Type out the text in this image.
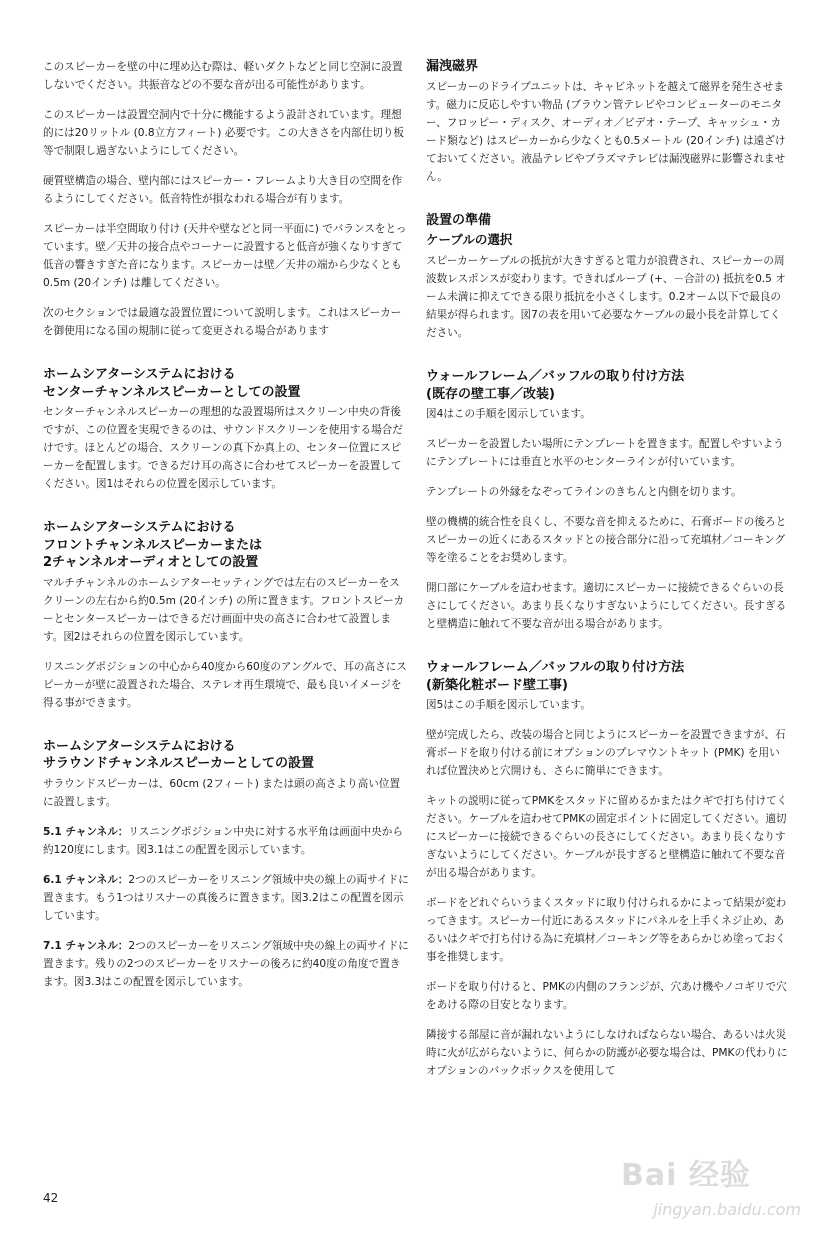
このスピーカーを壁の中に埋め込む際は、軽いダクトなどと同じ空洞に設置しないでください。共振音などの不要な音が出る可能性があります。

このスピーカーは設置空洞内で十分に機能するよう設計されています。理想的には20リットル (0.8立方フィート) 必要です。この大きさを内部仕切り板等で制限し過ぎないようにしてください。

硬質壁構造の場合、壁内部にはスピーカー・フレームより大き目の空間を作るようにしてください。低音特性が損なわれる場合が有ります。

スピーカーは半空間取り付け (天井や壁などと同一平面に) でバランスをとっています。壁／天井の接合点やコーナーに設置すると低音が強くなりすぎて低音の響きすぎた音になります。スピーカーは壁／天井の端から少なくとも0.5m (20インチ) は離してください。

次のセクションでは最適な設置位置について説明します。これはスピーカーを御使用になる国の規制に従って変更される場合があります

ホームシアターシステムにおける
センターチャンネルスピーカーとしての設置

センターチャンネルスピーカーの理想的な設置場所はスクリーン中央の背後ですが、この位置を実現できるのは、サウンドスクリーンを使用する場合だけです。ほとんどの場合、スクリーンの真下か真上の、センター位置にスピーカーを配置します。できるだけ耳の高さに合わせてスピーカーを設置してください。図1はそれらの位置を図示しています。

ホームシアターシステムにおける
フロントチャンネルスピーカーまたは
2チャンネルオーディオとしての設置

マルチチャンネルのホームシアターセッティングでは左右のスピーカーをスクリーンの左右から約0.5m (20インチ) の所に置きます。フロントスピーカーとセンタースピーカーはできるだけ画面中央の高さに合わせて設置します。図2はそれらの位置を図示しています。

リスニングポジションの中心から40度から60度のアングルで、耳の高さにスピーカーが壁に設置された場合、ステレオ再生環境で、最も良いイメージを得る事ができます。

ホームシアターシステムにおける
サラウンドチャンネルスピーカーとしての設置

サラウンドスピーカーは、60cm (2フィート) または頭の高さより高い位置に設置します。

5.1 チャンネル：リスニングポジション中央に対する水平角は画面中央から約120度にします。図3.1はこの配置を図示しています。

6.1 チャンネル：2つのスピーカーをリスニング領域中央の線上の両サイドに置きます。もう1つはリスナーの真後ろに置きます。図3.2はこの配置を図示しています。

7.1 チャンネル：2つのスピーカーをリスニング領域中央の線上の両サイドに置きます。残りの2つのスピーカーをリスナーの後ろに約40度の角度で置きます。図3.3はこの配置を図示しています。

漏洩磁界

スピーカーのドライブユニットは、キャビネットを越えて磁界を発生させます。磁力に反応しやすい物品 (ブラウン管テレビやコンピューターのモニター、フロッピー・ディスク、オーディオ／ビデオ・テープ、キャッシュ・カード類など) はスピーカーから少なくとも0.5メートル (20インチ) は遠ざけておいてください。液晶テレビやプラズマテレビは漏洩磁界に影響されません。

設置の準備
ケーブルの選択

スピーカーケーブルの抵抗が大きすぎると電力が浪費され、スピーカーの周波数レスポンスが変わります。できればループ (+、－合計の) 抵抗を0.5 オーム未満に抑えてできる限り抵抗を小さくします。0.2オーム以下で最良の結果が得られます。図7の表を用いて必要なケーブルの最小長を計算してください。

ウォールフレーム／バッフルの取り付け方法
(既存の壁工事／改装)

図4はこの手順を図示しています。

スピーカーを設置したい場所にテンプレートを置きます。配置しやすいようにテンプレートには垂直と水平のセンターラインが付いています。

テンプレートの外縁をなぞってラインのきちんと内側を切ります。

壁の機構的統合性を良くし、不要な音を抑えるために、石膏ボードの後ろとスピーカーの近くにあるスタッドとの接合部分に沿って充填材／コーキング等を塗ることをお奨めします。

開口部にケーブルを這わせます。適切にスピーカーに接続できるぐらいの長さにしてください。あまり長くなりすぎないようにしてください。長すぎると壁構造に触れて不要な音が出る場合があります。

ウォールフレーム／バッフルの取り付け方法
(新築化粧ボード壁工事)

図5はこの手順を図示しています。

壁が完成したら、改装の場合と同じようにスピーカーを設置できますが、石膏ボードを取り付ける前にオプションのプレマウントキット (PMK) を用いれば位置決めと穴開けも、さらに簡単にできます。

キットの説明に従ってPMKをスタッドに留めるかまたはクギで打ち付けてください。ケーブルを這わせてPMKの固定ポイントに固定してください。適切にスピーカーに接続できるぐらいの長さにしてください。あまり長くなりすぎないようにしてください。ケーブルが長すぎると壁構造に触れて不要な音が出る場合があります。

ボードをどれぐらいうまくスタッドに取り付けられるかによって結果が変わってきます。スピーカー付近にあるスタッドにパネルを上手くネジ止め、あるいはクギで打ち付ける為に充填材／コーキング等をあらかじめ塗っておく事を推奨します。

ボードを取り付けると、PMKの内側のフランジが、穴あけ機やノコギリで穴をあける際の目安となります。

隣接する部屋に音が漏れないようにしなければならない場合、あるいは火災時に火が広がらないように、何らかの防護が必要な場合は、PMKの代わりにオプションのバックボックスを使用して

42
Bai 经验
jingyan.baidu.com
